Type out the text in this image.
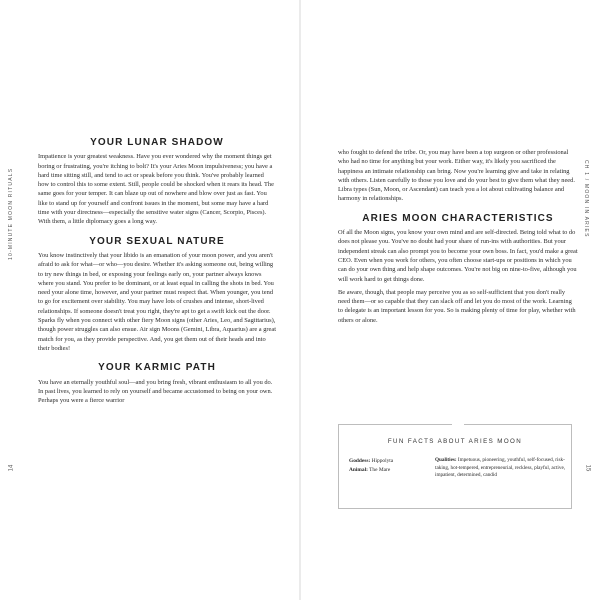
10-MINUTE MOON RITUALS	CH 1 / MOON IN ARIES
14	15
YOUR LUNAR SHADOW

Impatience is your greatest weakness. Have you ever wondered why the moment things get boring or frustrating, you're itching to bolt? It's your Aries Moon impulsiveness; you have a hard time sitting still, and tend to act or speak before you think. You've probably learned how to control this to some extent. Still, people could be shocked when it rears its head. The same goes for your temper. It can blaze up out of nowhere and blow over just as fast. You like to stand up for yourself and confront issues in the moment, but some may have a hard time with your directness—especially the sensitive water signs (Cancer, Scorpio, Pisces). With them, a little diplomacy goes a long way.

YOUR SEXUAL NATURE

You know instinctively that your libido is an emanation of your moon power, and you aren't afraid to ask for what—or who—you desire. Whether it's asking someone out, being willing to try new things in bed, or exposing your feelings early on, your partner always knows where you stand. You prefer to be dominant, or at least equal in calling the shots in bed. You need your alone time, however, and your partner must respect that. When younger, you tend to go for excitement over stability. You may have lots of crushes and intense, short-lived relationships. If someone doesn't treat you right, they're apt to get a swift kick out the door. Sparks fly when you connect with other fiery Moon signs (other Aries, Leo, and Sagittarius), though power struggles can also ensue. Air sign Moons (Gemini, Libra, Aquarius) are a great match for you, as they provide perspective. And, you get them out of their heads and into their bodies!

YOUR KARMIC PATH

You have an eternally youthful soul—and you bring fresh, vibrant enthusiasm to all you do. In past lives, you learned to rely on yourself and became accustomed to being on your own. Perhaps you were a fierce warrior

who fought to defend the tribe. Or, you may have been a top surgeon or other professional who had no time for anything but your work. Either way, it's likely you sacrificed the happiness an intimate relationship can bring. Now you're learning give and take in relating with others. Listen carefully to those you love and do your best to give them what they need. Libra types (Sun, Moon, or Ascendant) can teach you a lot about cultivating balance and harmony in relationships.

ARIES MOON CHARACTERISTICS

Of all the Moon signs, you know your own mind and are self-directed. Being told what to do does not please you. You've no doubt had your share of run-ins with authorities. But your independent streak can also prompt you to become your own boss. In fact, you'd make a great CEO. Even when you work for others, you often choose start-ups or positions in which you can do your own thing and help shape outcomes. You're not big on nine-to-five, although you will work hard to get things done.

Be aware, though, that people may perceive you as so self-sufficient that you don't really need them—or so capable that they can slack off and let you do most of the work. Learning to delegate is an important lesson for you. So is making plenty of time for play, whether with others or alone.

FUN FACTS ABOUT ARIES MOON
Goddess: Hippolyta
Animal: The Mare
Qualities: Impetuous, pioneering, youthful, self-focused, risk-taking, hot-tempered, entrepreneurial, reckless, playful, active, impatient, determined, candid
